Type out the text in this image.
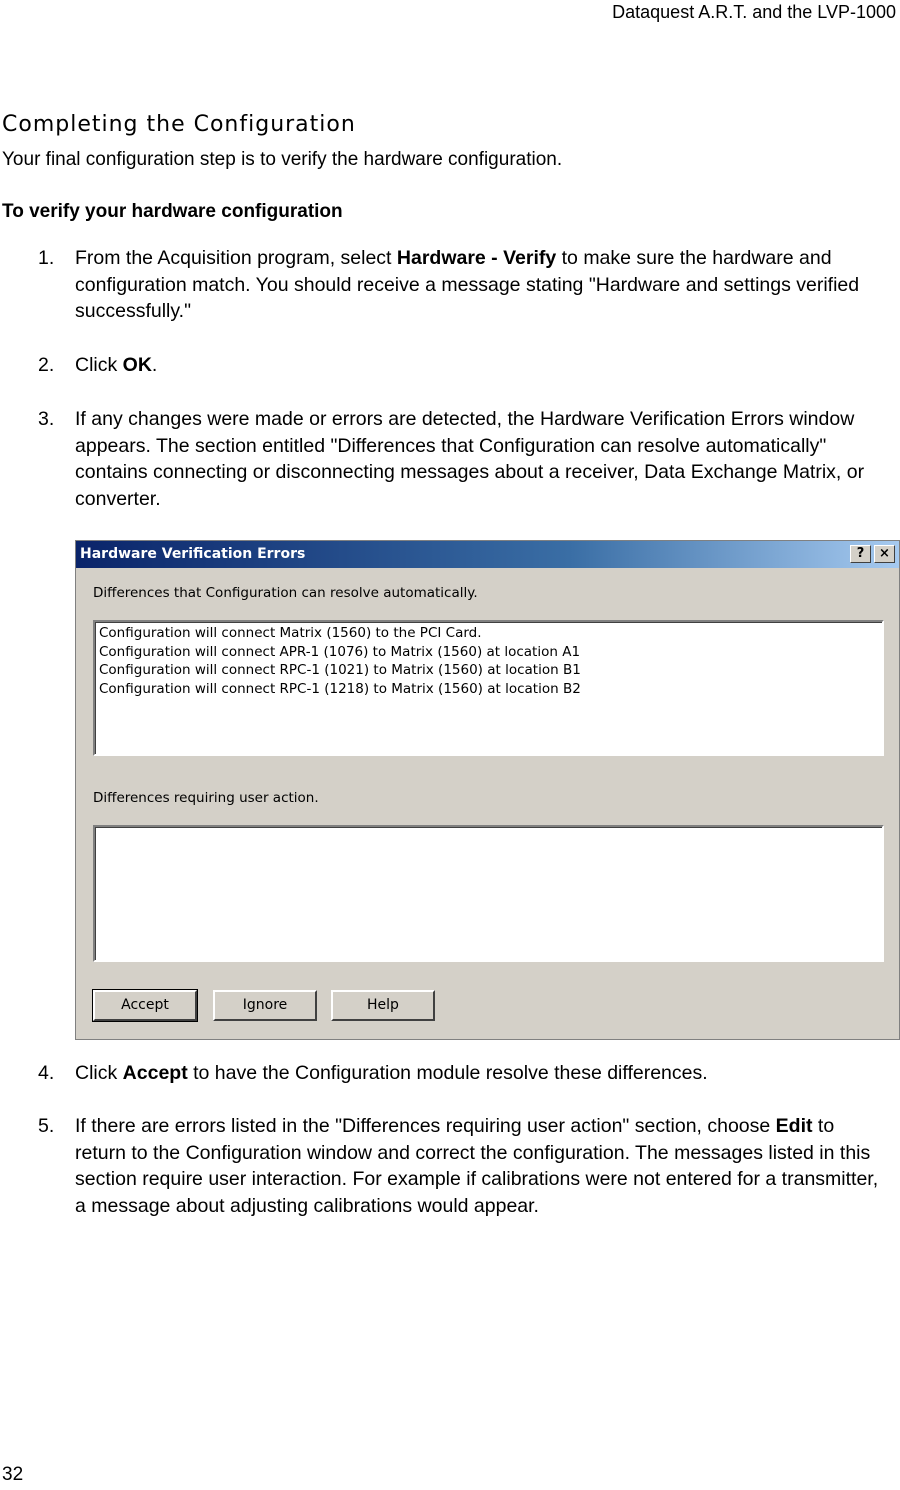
Dataquest A.R.T. and the LVP-1000
Completing the Configuration
Your final configuration step is to verify the hardware configuration.
To verify your hardware configuration
1. From the Acquisition program, select Hardware - Verify to make sure the hardware and configuration match. You should receive a message stating "Hardware and settings verified successfully."
2. Click OK.
3. If any changes were made or errors are detected, the Hardware Verification Errors window appears. The section entitled "Differences that Configuration can resolve automatically" contains connecting or disconnecting messages about a receiver, Data Exchange Matrix, or converter.
Hardware Verification Errors	?	×
Differences that Configuration can resolve automatically.
Configuration will connect Matrix (1560) to the PCI Card.
Configuration will connect APR-1 (1076) to Matrix (1560) at location A1
Configuration will connect RPC-1 (1021) to Matrix (1560) at location B1
Configuration will connect RPC-1 (1218) to Matrix (1560) at location B2
Differences requiring user action.
Accept	Ignore	Help
4. Click Accept to have the Configuration module resolve these differences.
5. If there are errors listed in the "Differences requiring user action" section, choose Edit to return to the Configuration window and correct the configuration. The messages listed in this section require user interaction. For example if calibrations were not entered for a transmitter, a message about adjusting calibrations would appear.
32
